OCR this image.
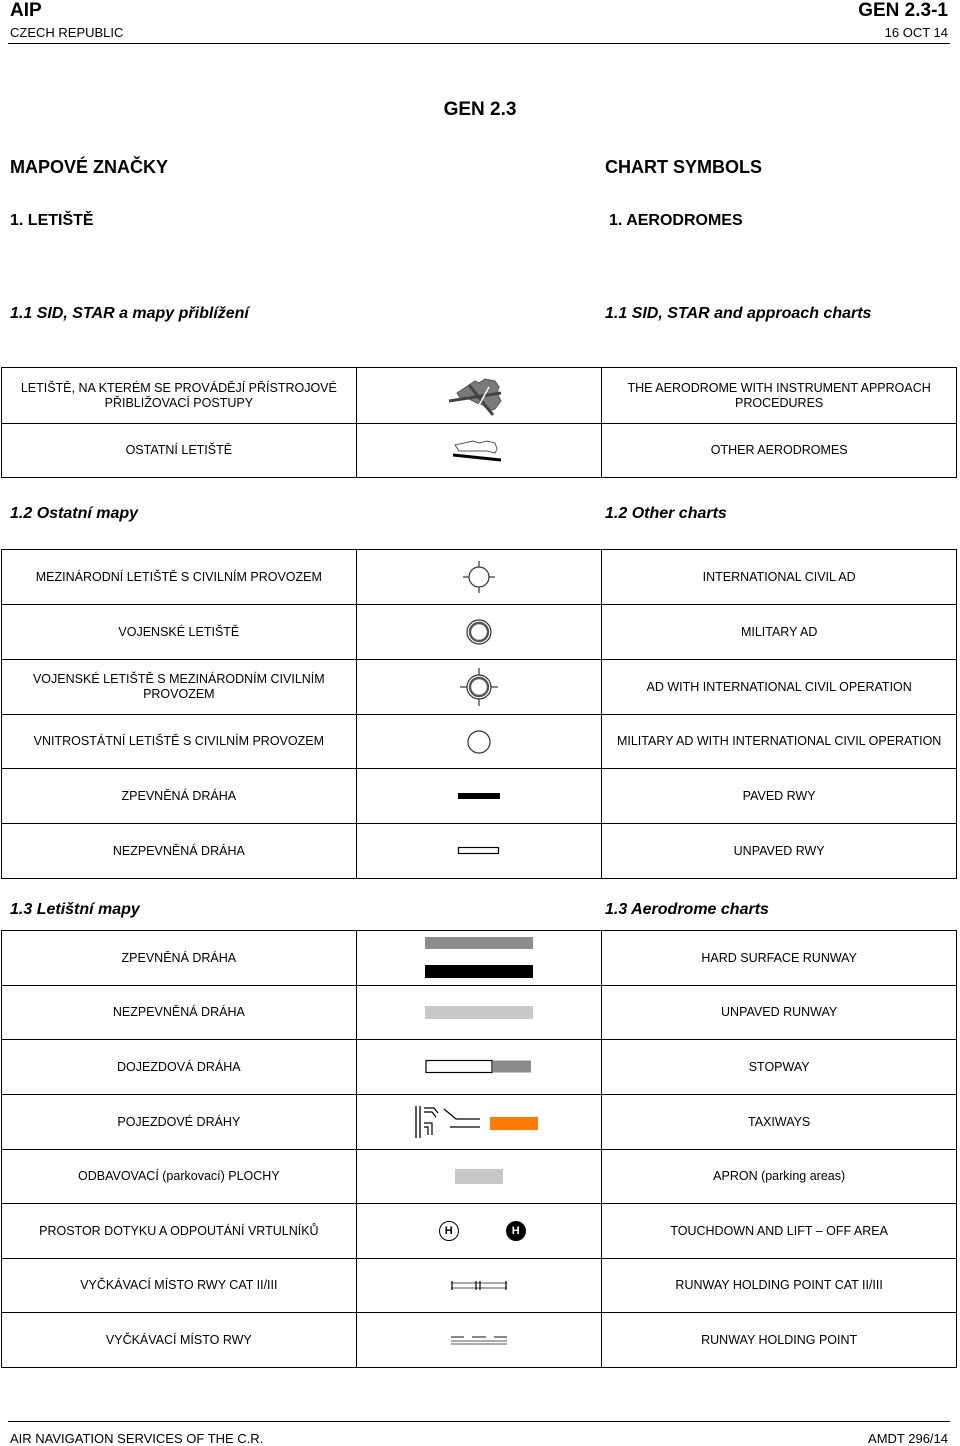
AIP	GEN 2.3-1
CZECH REPUBLIC	16 OCT 14
GEN 2.3
MAPOVÉ ZNAČKY	CHART SYMBOLS
1. LETIŠTĚ	1. AERODROMES
1.1 SID, STAR a mapy přiblížení	1.1 SID, STAR and approach charts
LETIŠTĚ, NA KTERÉM SE PROVÁDĚJÍ PŘÍSTROJOVÉ PŘIBLIŽOVACÍ POSTUPY		THE AERODROME WITH INSTRUMENT APPROACH PROCEDURES
OSTATNÍ LETIŠTĚ		OTHER AERODROMES
1.2 Ostatní mapy	1.2 Other charts
MEZINÁRODNÍ LETIŠTĚ S CIVILNÍM PROVOZEM		INTERNATIONAL CIVIL AD
VOJENSKÉ LETIŠTĚ		MILITARY AD
VOJENSKÉ LETIŠTĚ S MEZINÁRODNÍM CIVILNÍM PROVOZEM		AD WITH INTERNATIONAL CIVIL OPERATION
VNITROSTÁTNÍ LETIŠTĚ S CIVILNÍM PROVOZEM		MILITARY AD WITH INTERNATIONAL CIVIL OPERATION
ZPEVNĚNÁ DRÁHA		PAVED RWY
NEZPEVNĚNÁ DRÁHA		UNPAVED RWY
1.3 Letištní mapy	1.3 Aerodrome charts
ZPEVNĚNÁ DRÁHA		HARD SURFACE RUNWAY
NEZPEVNĚNÁ DRÁHA		UNPAVED RUNWAY
DOJEZDOVÁ DRÁHA		STOPWAY
POJEZDOVÉ DRÁHY		TAXIWAYS
ODBAVOVACÍ (parkovací) PLOCHY		APRON (parking areas)
PROSTOR DOTYKU A ODPOUTÁNÍ VRTULNÍKŮ	H H	TOUCHDOWN AND LIFT – OFF AREA
VYČKÁVACÍ MÍSTO RWY CAT II/III		RUNWAY HOLDING POINT CAT II/III
VYČKÁVACÍ MÍSTO RWY		RUNWAY HOLDING POINT
AIR NAVIGATION SERVICES OF THE C.R.	AMDT 296/14
